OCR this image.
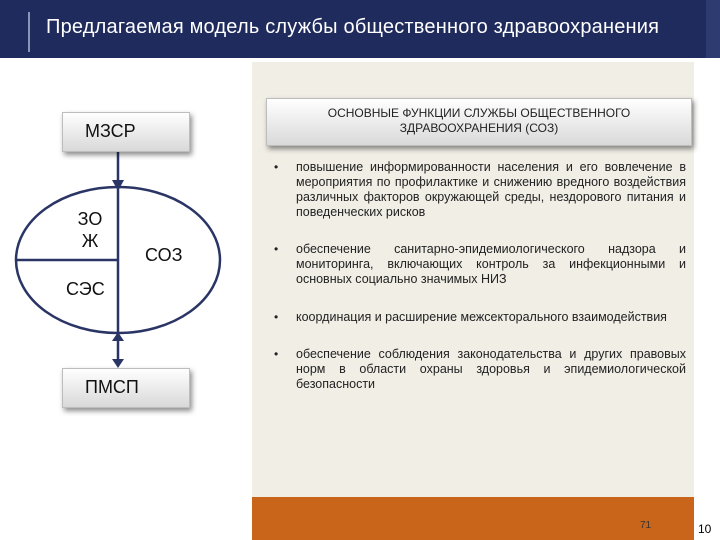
Предлагаемая модель службы общественного здравоохранения
МЗСР
ЗО
Ж
СОЗ
СЭС
ПМСП
ОСНОВНЫЕ ФУНКЦИИ СЛУЖБЫ ОБЩЕСТВЕННОГО
ЗДРАВООХРАНЕНИЯ (СОЗ)
• повышение информированности населения и его вовлечение в мероприятия по профилактике и снижению вредного воздействия различных факторов окружающей среды, нездорового питания и поведенческих рисков
• обеспечение санитарно-эпидемиологического надзора и мониторинга, включающих контроль за инфекционными и основных социально значимых НИЗ
• координация и расширение межсекторального взаимодействия
• обеспечение соблюдения законодательства и других правовых норм в области охраны здоровья и эпидемиологической безопасности
71	10
